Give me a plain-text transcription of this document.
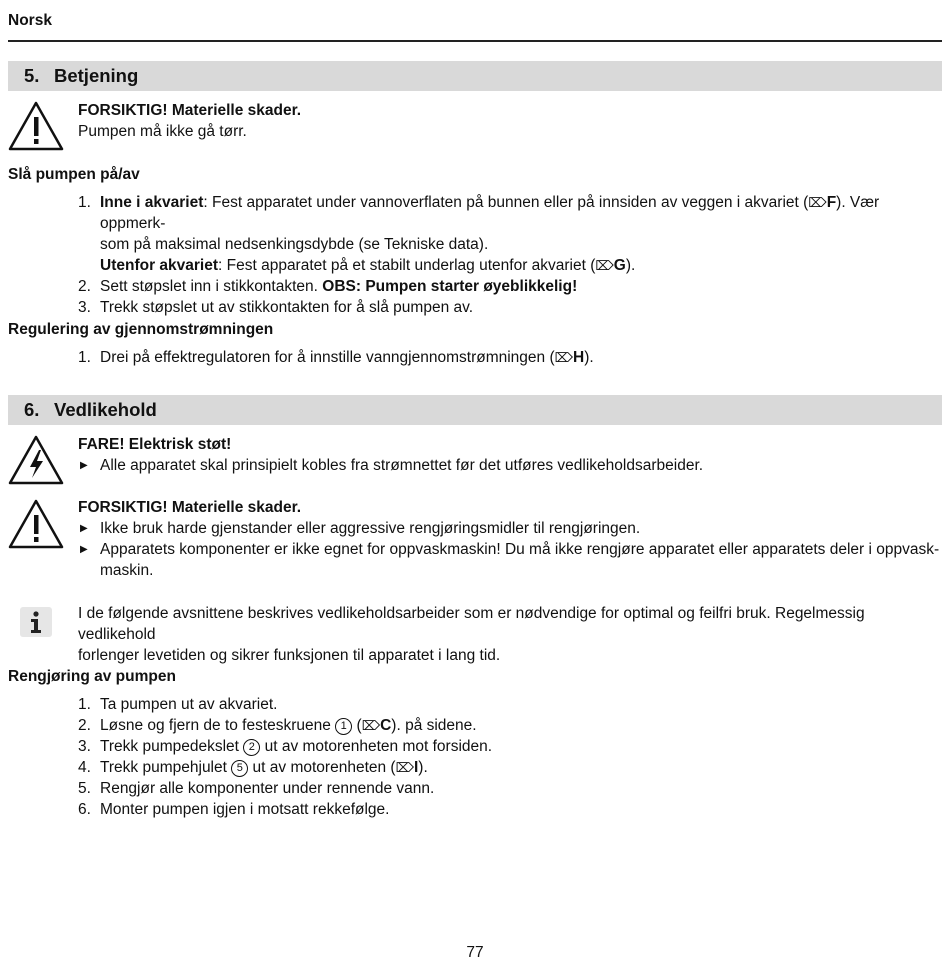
Norsk
5. Betjening
FORSIKTIG! Materielle skader.
Pumpen må ikke gå tørr.
Slå pumpen på/av
1. Inne i akvariet: Fest apparatet under vannoverflaten på bunnen eller på innsiden av veggen i akvariet (⌦F). Vær oppmerk-
som på maksimal nedsenkingsdybde (se Tekniske data).
Utenfor akvariet: Fest apparatet på et stabilt underlag utenfor akvariet (⌦G).
2. Sett støpslet inn i stikkontakten. OBS: Pumpen starter øyeblikkelig!
3. Trekk støpslet ut av stikkontakten for å slå pumpen av.
Regulering av gjennomstrømningen
1. Drei på effektregulatoren for å innstille vanngjennomstrømningen (⌦H).
6. Vedlikehold
FARE! Elektrisk støt!
▶ Alle apparatet skal prinsipielt kobles fra strømnettet før det utføres vedlikeholdsarbeider.
FORSIKTIG! Materielle skader.
▶ Ikke bruk harde gjenstander eller aggressive rengjøringsmidler til rengjøringen.
▶ Apparatets komponenter er ikke egnet for oppvaskmaskin! Du må ikke rengjøre apparatet eller apparatets deler i oppvask-
maskin.
I de følgende avsnittene beskrives vedlikeholdsarbeider som er nødvendige for optimal og feilfri bruk. Regelmessig vedlikehold
forlenger levetiden og sikrer funksjonen til apparatet i lang tid.
Rengjøring av pumpen
1. Ta pumpen ut av akvariet.
2. Løsne og fjern de to festeskruene 1 (⌦C). på sidene.
3. Trekk pumpedekslet 2 ut av motorenheten mot forsiden.
4. Trekk pumpehjulet 5 ut av motorenheten (⌦I).
5. Rengjør alle komponenter under rennende vann.
6. Monter pumpen igjen i motsatt rekkefølge.
77
